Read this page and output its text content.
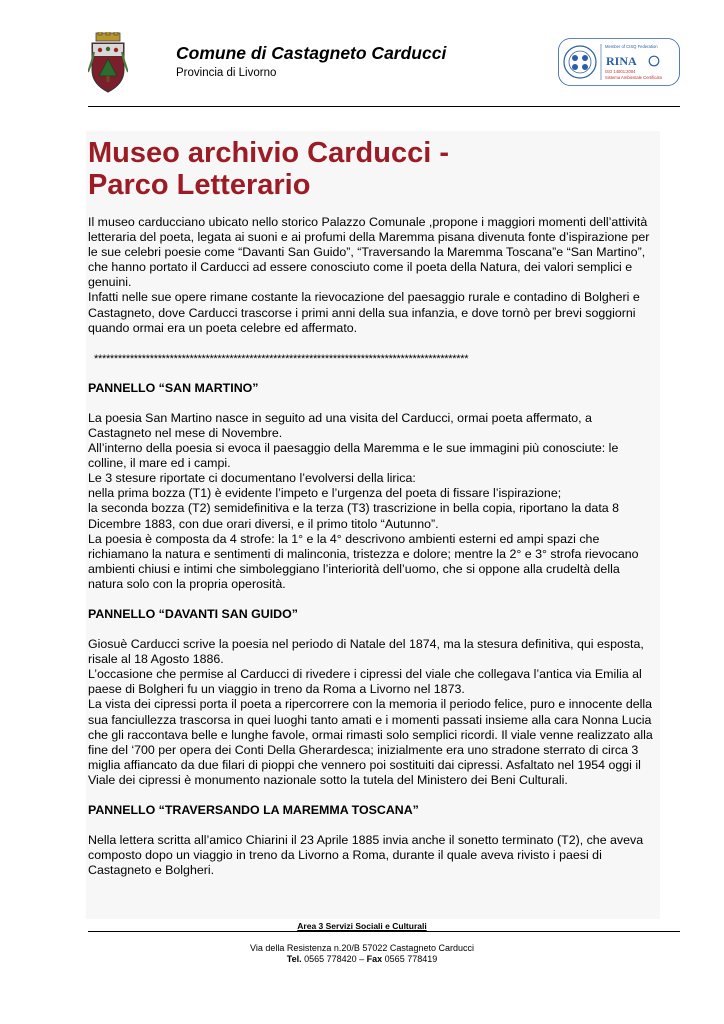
Comune di Castagneto Carducci
Provincia di Livorno
Member of CISQ Federation
RINA
ISO 14001:2004
Sistema Ambientale Certificato
Museo archivio Carducci -
Parco Letterario

Il museo carducciano ubicato nello storico Palazzo Comunale ,propone i maggiori momenti dell’attività letteraria del poeta, legata ai suoni e ai profumi della Maremma pisana divenuta fonte d’ispirazione per le sue celebri poesie come “Davanti San Guido”, “Traversando la Maremma Toscana”e “San Martino”, che hanno portato il Carducci ad essere conosciuto come il poeta della Natura, dei valori semplici e genuini.

Infatti nelle sue opere rimane costante la rievocazione del paesaggio rurale e contadino di Bolgheri e Castagneto, dove Carducci trascorse i primi anni della sua infanzia, e dove tornò per brevi soggiorni quando ormai era un poeta celebre ed affermato.

**********************************************************************************************

PANNELLO “SAN MARTINO”

La poesia San Martino nasce in seguito ad una visita del Carducci, ormai poeta affermato, a Castagneto nel mese di Novembre.

All’interno della poesia si evoca il paesaggio della Maremma e le sue immagini più conosciute: le colline, il mare ed i campi.

Le 3 stesure riportate ci documentano l’evolversi della lirica:

nella prima bozza (T1) è evidente l’impeto e l’urgenza del poeta di fissare l’ispirazione;

la seconda bozza (T2) semidefinitiva e la terza (T3) trascrizione in bella copia, riportano la data 8 Dicembre 1883, con due orari diversi, e il primo titolo “Autunno”.

La poesia è composta da 4 strofe: la 1° e la 4° descrivono ambienti esterni ed ampi spazi che richiamano la natura e sentimenti di malinconia, tristezza e dolore; mentre la 2° e 3° strofa rievocano ambienti chiusi e intimi che simboleggiano l’interiorità dell’uomo, che si oppone alla crudeltà della natura solo con la propria operosità.

PANNELLO “DAVANTI SAN GUIDO”

Giosuè Carducci scrive la poesia nel periodo di Natale del 1874, ma la stesura definitiva, qui esposta, risale al 18 Agosto 1886.

L’occasione che permise al Carducci di rivedere i cipressi del viale che collegava l’antica via Emilia al paese di Bolgheri fu un viaggio in treno da Roma a Livorno nel 1873.

La vista dei cipressi porta il poeta a ripercorrere con la memoria il periodo felice, puro e innocente della sua fanciullezza trascorsa in quei luoghi tanto amati e i momenti passati insieme alla cara Nonna Lucia che gli raccontava belle e lunghe favole, ormai rimasti solo semplici ricordi. Il viale venne realizzato alla fine del ‘700 per opera dei Conti Della Gherardesca; inizialmente era uno stradone sterrato di circa 3 miglia affiancato da due filari di pioppi che vennero poi sostituiti dai cipressi. Asfaltato nel 1954 oggi il Viale dei cipressi è monumento nazionale sotto la tutela del Ministero dei Beni Culturali.

PANNELLO “TRAVERSANDO LA MAREMMA TOSCANA”

Nella lettera scritta all’amico Chiarini il 23 Aprile 1885 invia anche il sonetto terminato (T2), che aveva composto dopo un viaggio in treno da Livorno a Roma, durante il quale aveva rivisto i paesi di Castagneto e Bolgheri.

Area 3 Servizi Sociali e Culturali
Via della Resistenza n.20/B 57022 Castagneto Carducci
Tel. 0565 778420 – Fax 0565 778419
